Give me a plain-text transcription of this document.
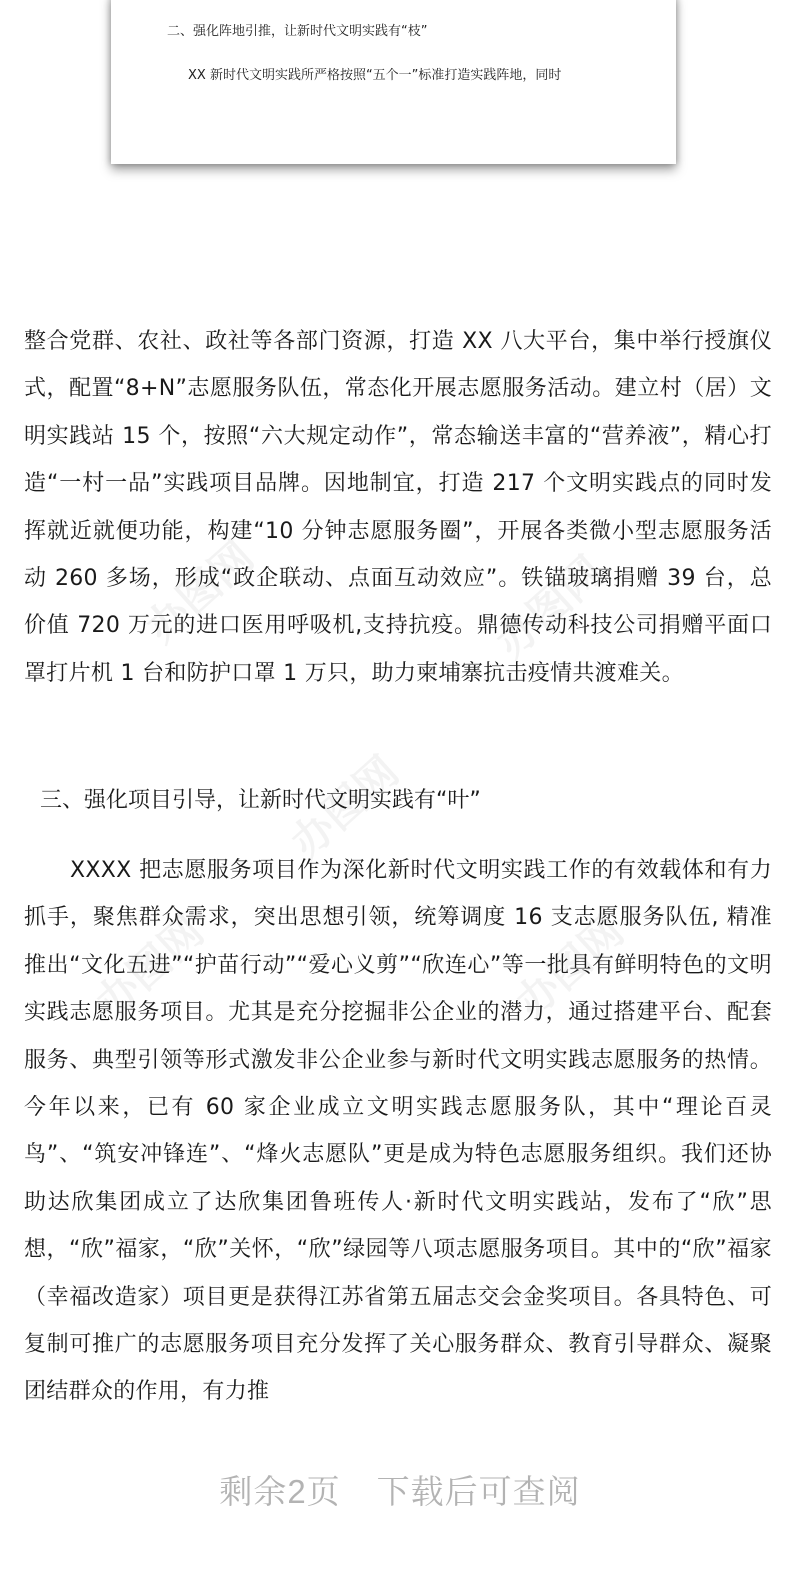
二、强化阵地引推，让新时代文明实践有“枝”
XX 新时代文明实践所严格按照“五个一”标准打造实践阵地，同时
办图网	办图网
办图网
办图网	办图网
整合党群、农社、政社等各部门资源，打造 XX 八大平台，集中举行授旗仪式，配置“8+N”志愿服务队伍，常态化开展志愿服务活动。建立村（居）文明实践站 15 个，按照“六大规定动作”，常态输送丰富的“营养液”，精心打造“一村一品”实践项目品牌。因地制宜，打造 217 个文明实践点的同时发挥就近就便功能，构建“10 分钟志愿服务圈”，开展各类微小型志愿服务活动 260 多场，形成“政企联动、点面互动效应”。铁锚玻璃捐赠 39 台，总价值 720 万元的进口医用呼吸机,支持抗疫。鼎德传动科技公司捐赠平面口罩打片机 1 台和防护口罩 1 万只，助力柬埔寨抗击疫情共渡难关。
三、强化项目引导，让新时代文明实践有“叶”
XXXX 把志愿服务项目作为深化新时代文明实践工作的有效载体和有力抓手，聚焦群众需求，突出思想引领，统筹调度 16 支志愿服务队伍, 精准推出“文化五进”“护苗行动”“爱心义剪”“欣连心”等一批具有鲜明特色的文明实践志愿服务项目。尤其是充分挖掘非公企业的潜力，通过搭建平台、配套服务、典型引领等形式激发非公企业参与新时代文明实践志愿服务的热情。今年以来，已有 60 家企业成立文明实践志愿服务队，其中“理论百灵鸟”、“筑安冲锋连”、“烽火志愿队”更是成为特色志愿服务组织。我们还协助达欣集团成立了达欣集团鲁班传人·新时代文明实践站，发布了“欣”思想，“欣”福家，“欣”关怀，“欣”绿园等八项志愿服务项目。其中的“欣”福家（幸福改造家）项目更是获得江苏省第五届志交会金奖项目。各具特色、可复制可推广的志愿服务项目充分发挥了关心服务群众、教育引导群众、凝聚团结群众的作用，有力推
剩余2页 下载后可查阅
